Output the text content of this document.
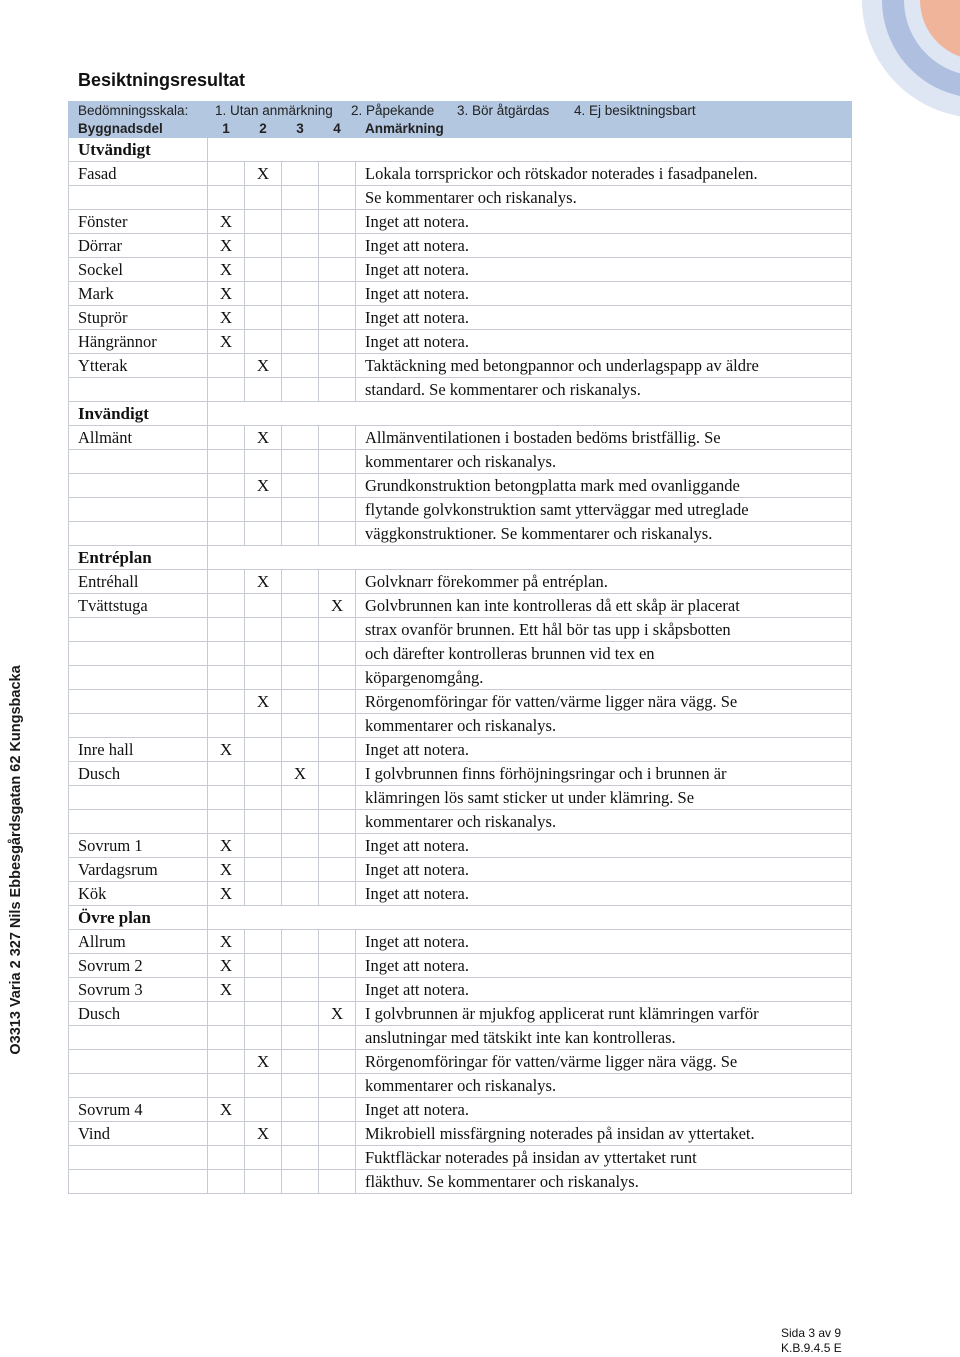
O3313 Varia 2 327 Nils Ebbesgårdsgatan 62 Kungsbacka
Besiktningsresultat
Bedömningsskala:	1. Utan anmärkning 2. Påpekande 3. Bör åtgärdas 4. Ej besiktningsbart				

Byggnadsdel	1	2	3	4	Anmärkning
Utvändigt					
Fasad		X			Lokala torrsprickor och rötskador noterades i fasadpanelen.
					Se kommentarer och riskanalys.
Fönster	X				Inget att notera.
Dörrar	X				Inget att notera.
Sockel	X				Inget att notera.
Mark	X				Inget att notera.
Stuprör	X				Inget att notera.
Hängrännor	X				Inget att notera.
Ytterak		X			Taktäckning med betongpannor och underlagspapp av äldre
					standard. Se kommentarer och riskanalys.
Invändigt					
Allmänt		X			Allmänventilationen i bostaden bedöms bristfällig. Se
					kommentarer och riskanalys.
		X			Grundkonstruktion betongplatta mark med ovanliggande
					flytande golvkonstruktion samt ytterväggar med utreglade
					väggkonstruktioner. Se kommentarer och riskanalys.
Entréplan					
Entréhall		X			Golvknarr förekommer på entréplan.
Tvättstuga				X	Golvbrunnen kan inte kontrolleras då ett skåp är placerat
					strax ovanför brunnen. Ett hål bör tas upp i skåpsbotten
					och därefter kontrolleras brunnen vid tex en
					köpargenomgång.
		X			Rörgenomföringar för vatten/värme ligger nära vägg. Se
					kommentarer och riskanalys.
Inre hall	X				Inget att notera.
Dusch			X		I golvbrunnen finns förhöjningsringar och i brunnen är
					klämringen lös samt sticker ut under klämring. Se
					kommentarer och riskanalys.
Sovrum 1	X				Inget att notera.
Vardagsrum	X				Inget att notera.
Kök	X				Inget att notera.
Övre plan					
Allrum	X				Inget att notera.
Sovrum 2	X				Inget att notera.
Sovrum 3	X				Inget att notera.
Dusch				X	I golvbrunnen är mjukfog applicerat runt klämringen varför
					anslutningar med tätskikt inte kan kontrolleras.
		X			Rörgenomföringar för vatten/värme ligger nära vägg. Se
					kommentarer och riskanalys.
Sovrum 4	X				Inget att notera.
Vind		X			Mikrobiell missfärgning noterades på insidan av yttertaket.
					Fuktfläckar noterades på insidan av yttertaket runt
					fläkthuv. Se kommentarer och riskanalys.
Sida 3 av 9
K.B.9.4.5 E
